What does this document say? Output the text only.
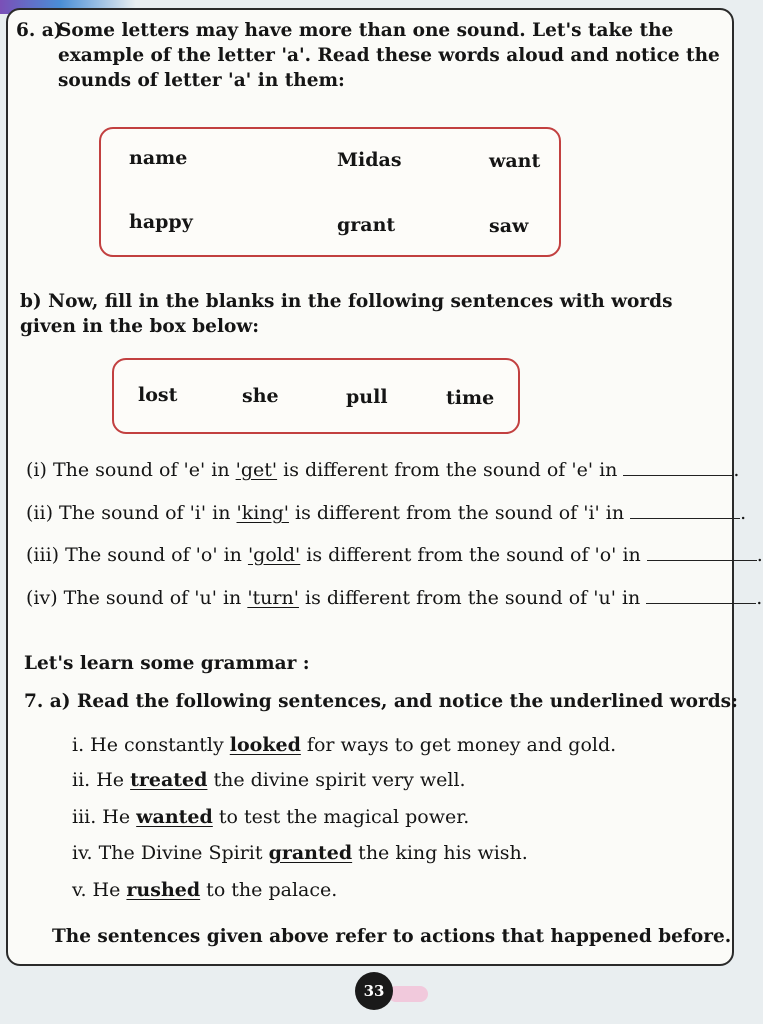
6. a)
Some letters may have more than one sound. Let's take the example of the letter 'a'. Read these words aloud and notice the sounds of letter 'a' in them:
name	Midas	want
happy	grant	saw
b) Now, fill in the blanks in the following sentences with words given in the box below:
lost	she	pull	time
(i) The sound of 'e' in 'get' is different from the sound of 'e' in	.
(ii) The sound of 'i' in 'king' is different from the sound of 'i' in	.
(iii) The sound of 'o' in 'gold' is different from the sound of 'o' in	.
(iv) The sound of 'u' in 'turn' is different from the sound of 'u' in	.
Let's learn some grammar :
7. a) Read the following sentences, and notice the underlined words:
i. He constantly looked for ways to get money and gold.
ii. He treated the divine spirit very well.
iii. He wanted to test the magical power.
iv. The Divine Spirit granted the king his wish.
v. He rushed to the palace.
The sentences given above refer to actions that happened before.
33
